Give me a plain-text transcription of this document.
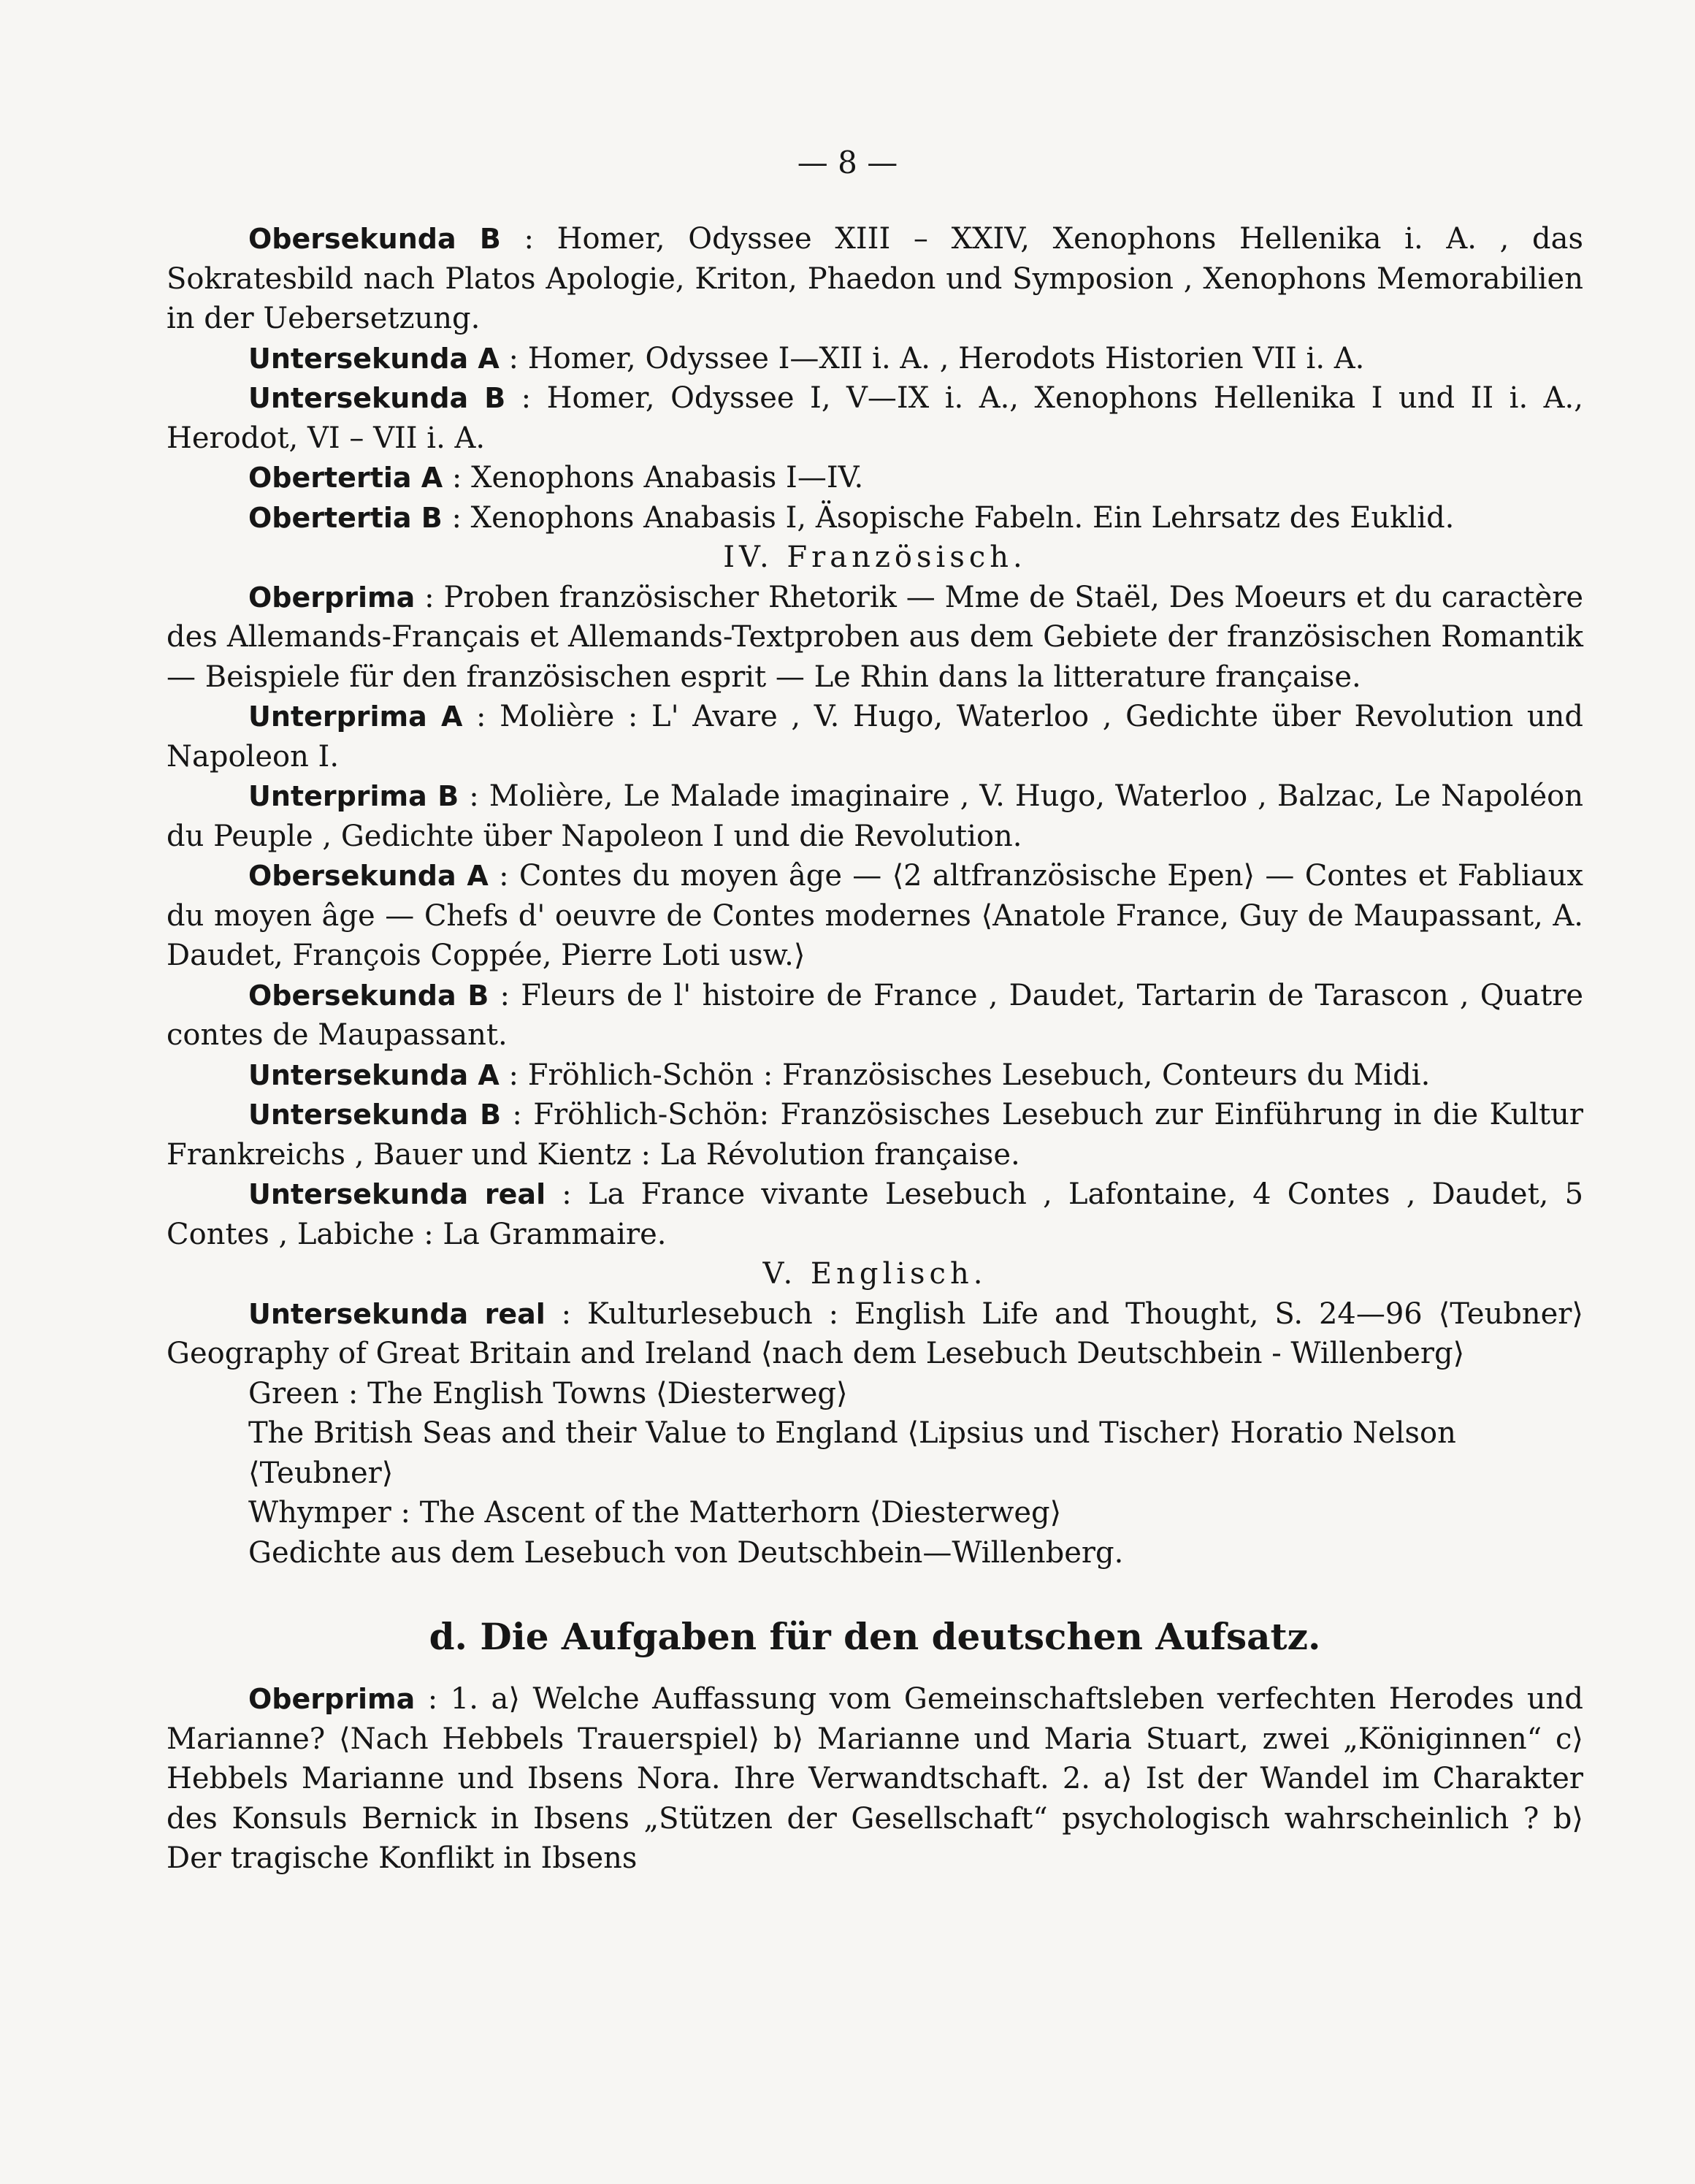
— 8 —

Obersekunda B : Homer, Odyssee XIII – XXIV, Xenophons Hellenika i. A. , das Sokratesbild nach Platos Apologie, Kriton, Phaedon und Symposion , Xenophons Memorabilien in der Uebersetzung.

Untersekunda A : Homer, Odyssee I—XII i. A. , Herodots Historien VII i. A.

Untersekunda B : Homer, Odyssee I, V—IX i. A., Xenophons Hellenika I und II i. A., Herodot, VI – VII i. A.

Obertertia A : Xenophons Anabasis I—IV.

Obertertia B : Xenophons Anabasis I, Äsopische Fabeln. Ein Lehrsatz des Euklid.

IV. Französisch.

Oberprima : Proben französischer Rhetorik — Mme de Staël, Des Moeurs et du caractère des Allemands-Français et Allemands-Textproben aus dem Gebiete der französischen Romantik — Beispiele für den französischen esprit — Le Rhin dans la litterature française.

Unterprima A : Molière : L' Avare , V. Hugo, Waterloo , Gedichte über Revolution und Napoleon I.

Unterprima B : Molière, Le Malade imaginaire , V. Hugo, Waterloo , Balzac, Le Napoléon du Peuple , Gedichte über Napoleon I und die Revolution.

Obersekunda A : Contes du moyen âge — ⟨2 altfranzösische Epen⟩ — Contes et Fabliaux du moyen âge — Chefs d' oeuvre de Contes modernes ⟨Anatole France, Guy de Maupassant, A. Daudet, François Coppée, Pierre Loti usw.⟩

Obersekunda B : Fleurs de l' histoire de France , Daudet, Tartarin de Tarascon , Quatre contes de Maupassant.

Untersekunda A : Fröhlich-Schön : Französisches Lesebuch, Conteurs du Midi.

Untersekunda B : Fröhlich-Schön: Französisches Lesebuch zur Einführung in die Kultur Frankreichs , Bauer und Kientz : La Révolution française.

Untersekunda real : La France vivante Lesebuch , Lafontaine, 4 Contes , Daudet, 5 Contes , Labiche : La Grammaire.

V. Englisch.

Untersekunda real : Kulturlesebuch : English Life and Thought, S. 24—96 ⟨Teubner⟩ Geography of Great Britain and Ireland ⟨nach dem Lesebuch Deutschbein - Willenberg⟩

Green : The English Towns ⟨Diesterweg⟩
The British Seas and their Value to England ⟨Lipsius und Tischer⟩ Horatio Nelson ⟨Teubner⟩
Whymper : The Ascent of the Matterhorn ⟨Diesterweg⟩
Gedichte aus dem Lesebuch von Deutschbein—Willenberg.
d. Die Aufgaben für den deutschen Aufsatz.

Oberprima : 1. a⟩ Welche Auffassung vom Gemeinschaftsleben verfechten Herodes und Marianne? ⟨Nach Hebbels Trauerspiel⟩ b⟩ Marianne und Maria Stuart, zwei „Königinnen“ c⟩ Hebbels Marianne und Ibsens Nora. Ihre Verwandtschaft. 2. a⟩ Ist der Wandel im Charakter des Konsuls Bernick in Ibsens „Stützen der Gesellschaft“ psychologisch wahrscheinlich ? b⟩ Der tragische Konflikt in Ibsens
